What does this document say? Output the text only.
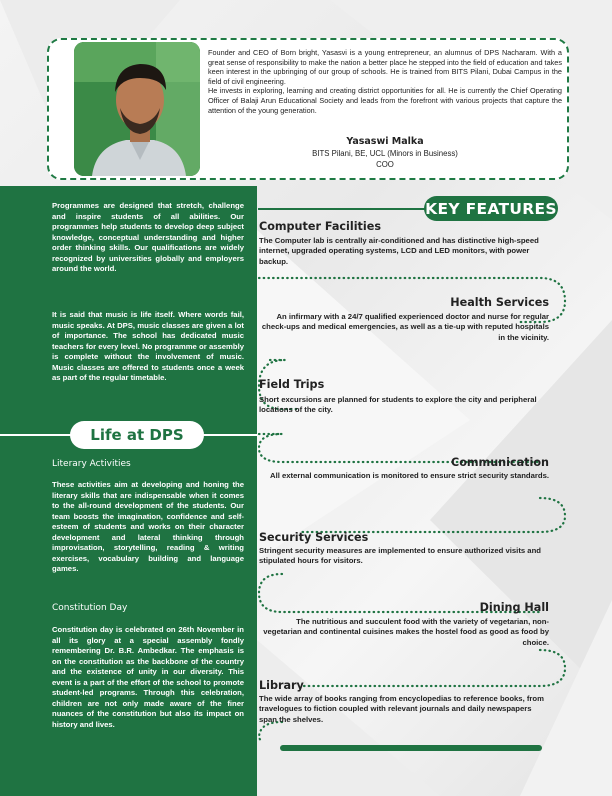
Founder and CEO of Born bright, Yasasvi is a young entrepreneur, an alumnus of DPS Nacharam. With a great sense of responsibility to make the nation a better place he stepped into the field of education and takes keen interest in the upbringing of our group of schools. He is trained from BITS Pilani, Dubai Campus in the field of civil engineering.
He invests in exploring, learning and creating district opportunities for all. He is currently the Chief Operating Officer of Balaji Arun Educational Society and leads from the forefront with various projects that capture the attention of the young generation.
Yasaswi Malka
BITS Pilani, BE, UCL (Minors in Business)
COO
Programmes are designed that stretch, challenge and inspire students of all abilities. Our programmes help students to develop deep subject knowledge, conceptual understanding and higher order thinking skills. Our qualifications are widely recognized by universities globally and employers around the world.
It is said that music is life itself. Where words fail, music speaks. At DPS, music classes are given a lot of importance. The school has dedicated music teachers for every level. No programme or assembly is complete without the involvement of music. Music classes are offered to students once a week as part of the regular timetable.
Life at DPS
Literary Activities
These activities aim at developing and honing the literary skills that are indispensable when it comes to the all-round development of the students. Our team boosts the imagination, confidence and self-esteem of students and works on their character development and lateral thinking through improvisation, storytelling, reading & writing exercises, vocabulary building and language games.
Constitution Day
Constitution day is celebrated on 26th November in all its glory at a special assembly fondly remembering Dr. B.R. Ambedkar. The emphasis is on the constitution as the backbone of the country and the existence of unity in our diversity. This event is a part of the effort of the school to promote student-led programs. Through this celebration, children are not only made aware of the finer nuances of the constitution but also its impact on history and lives.
KEY FEATURES
Computer Facilities
The Computer lab is centrally air-conditioned and has distinctive high-speed internet, upgraded operating systems, LCD and LED monitors, with power backup.
Health Services
An infirmary with a 24/7 qualified experienced doctor and nurse for regular check-ups and medical emergencies, as well as a tie-up with reputed hospitals in the vicinity.
Field Trips
Short excursions are planned for students to explore the city and peripheral locations of the city.
Communication
All external communication is monitored to ensure strict security standards.
Security Services
Stringent security measures are implemented to ensure authorized visits and stipulated hours for visitors.
Dining Hall
The nutritious and succulent food with the variety of vegetarian, non-vegetarian and continental cuisines makes the hostel food as good as food by choice.
Library
The wide array of books ranging from encyclopedias to reference books, from travelogues to fiction coupled with relevant journals and daily newspapers span the shelves.
